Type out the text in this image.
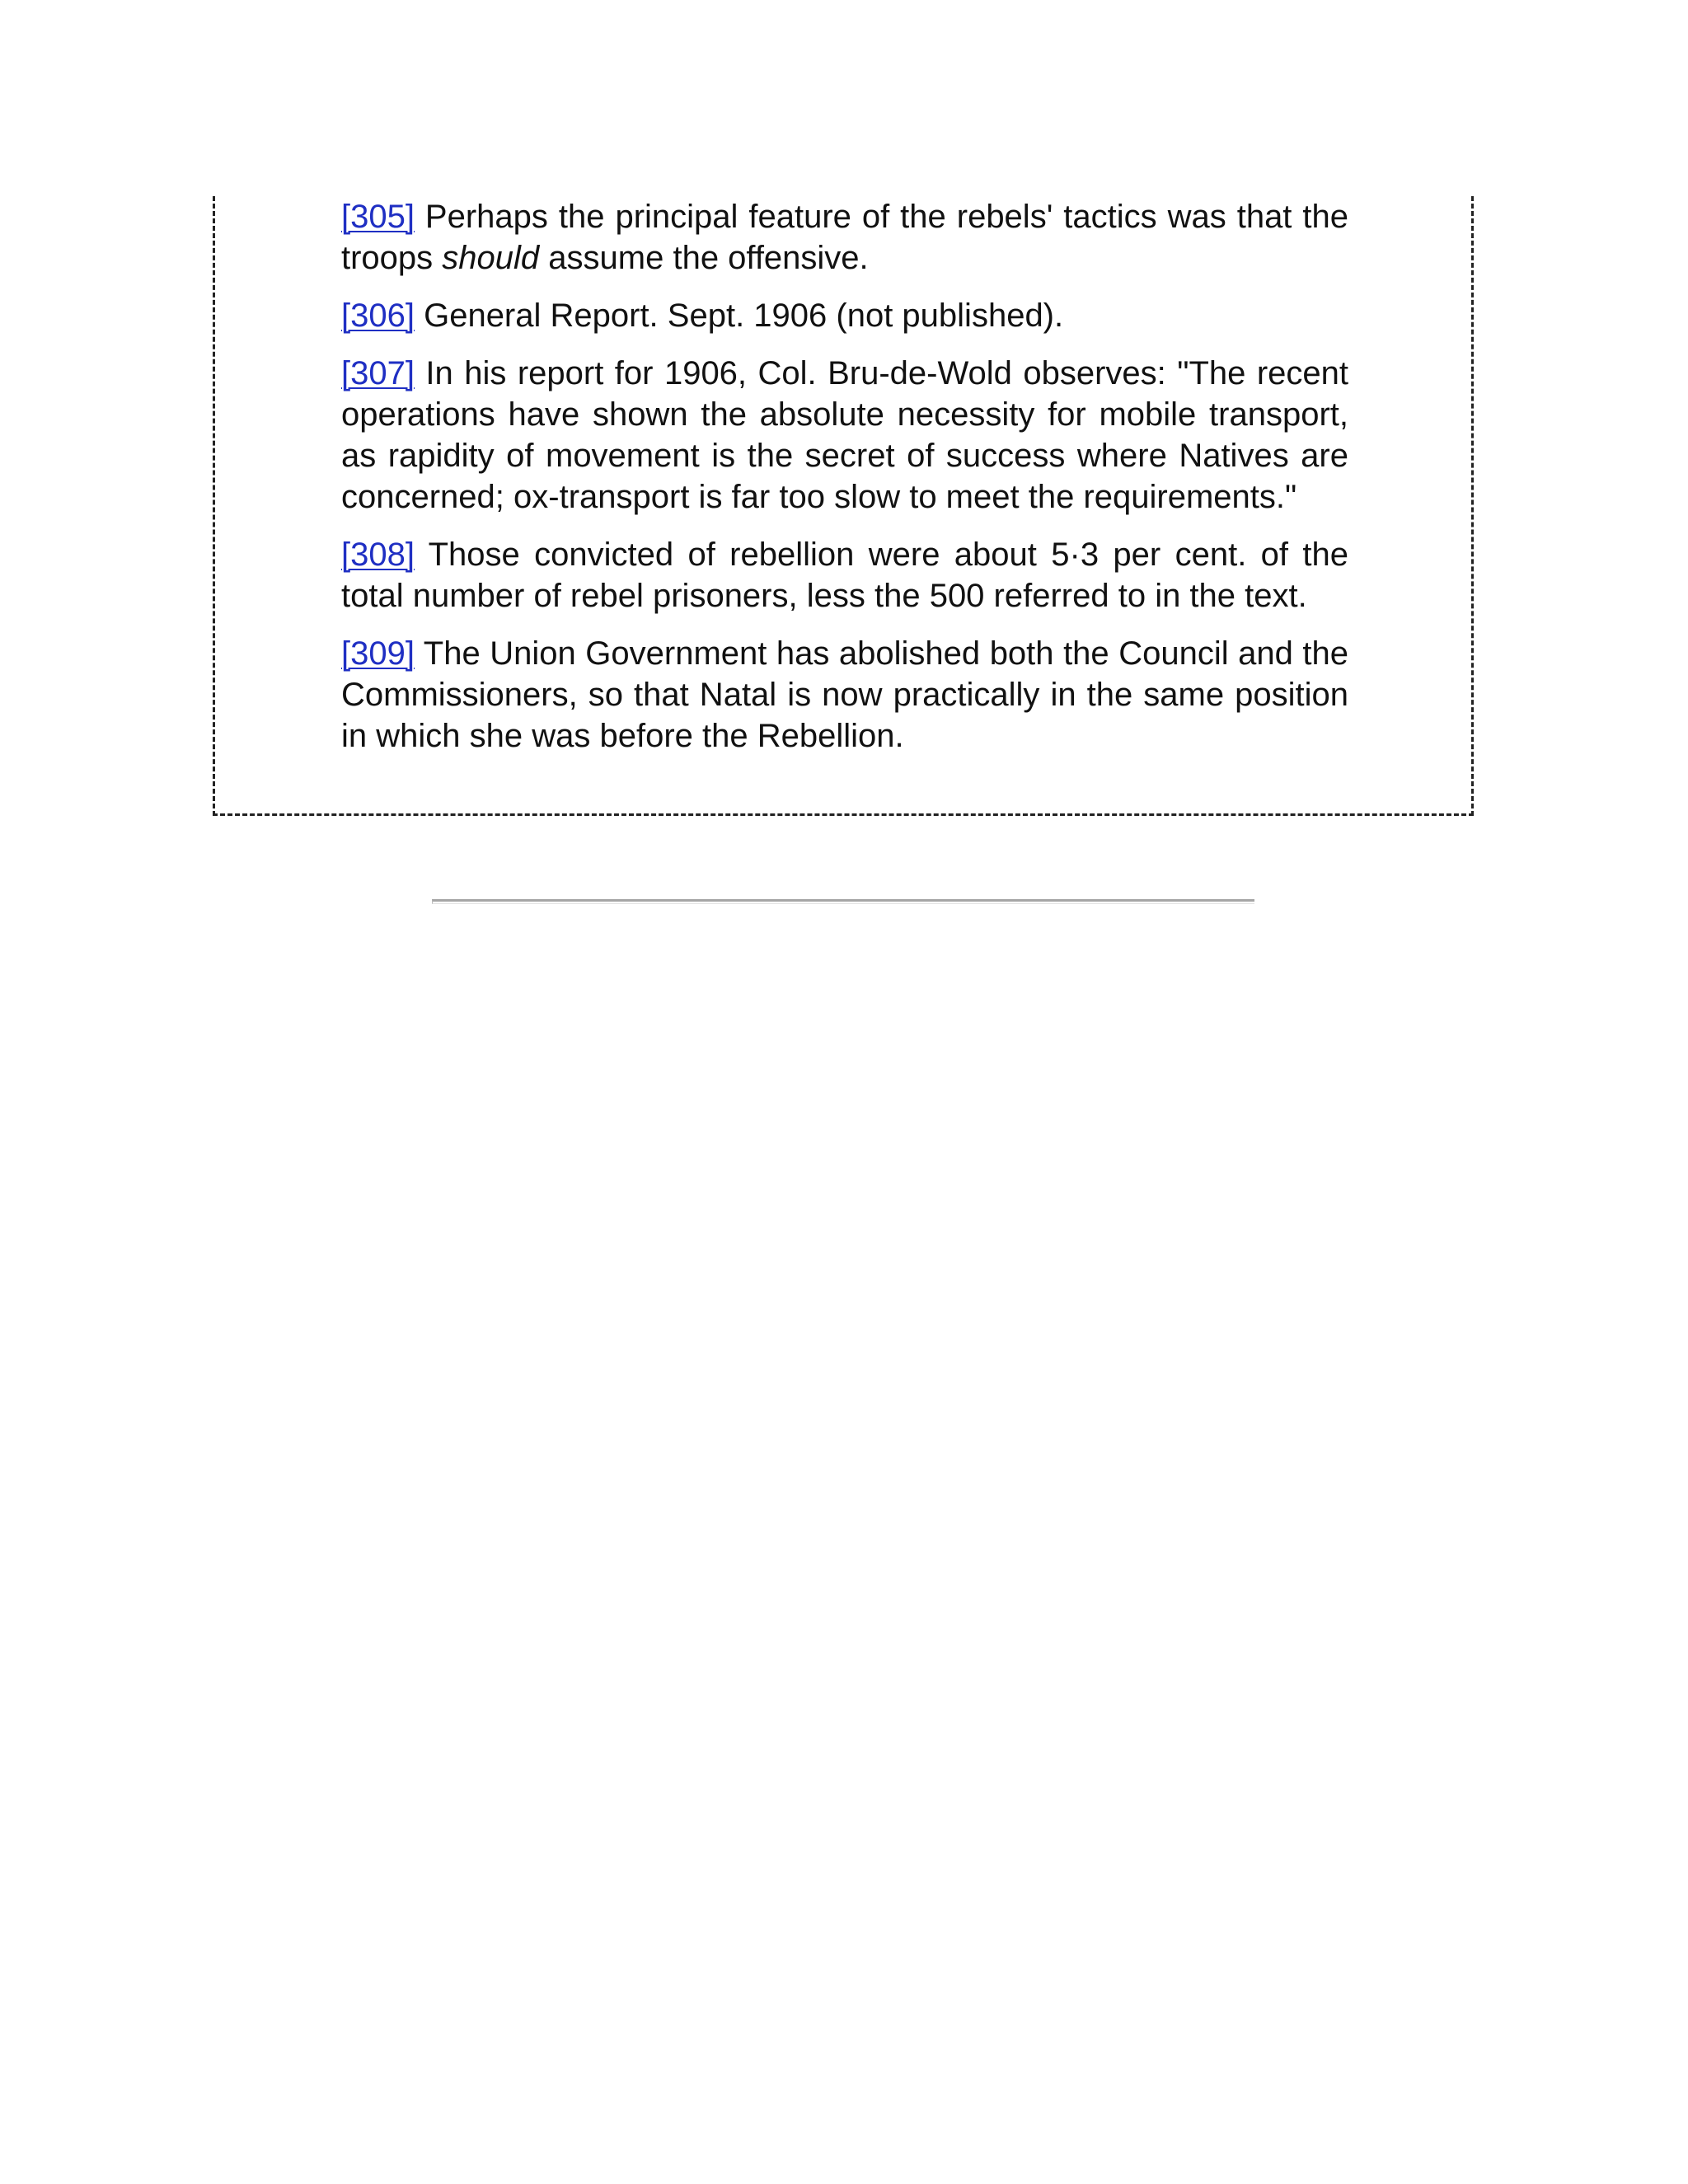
[305] Perhaps the principal feature of the rebels' tactics was that the troops should assume the offensive.

[306] General Report. Sept. 1906 (not published).

[307] In his report for 1906, Col. Bru-de-Wold observes: "The recent operations have shown the absolute necessity for mobile transport, as rapidity of movement is the secret of success where Natives are concerned; ox-transport is far too slow to meet the requirements."

[308] Those convicted of rebellion were about 5·3 per cent. of the total number of rebel prisoners, less the 500 referred to in the text.

[309] The Union Government has abolished both the Council and the Commissioners, so that Natal is now practically in the same position in which she was before the Rebellion.
